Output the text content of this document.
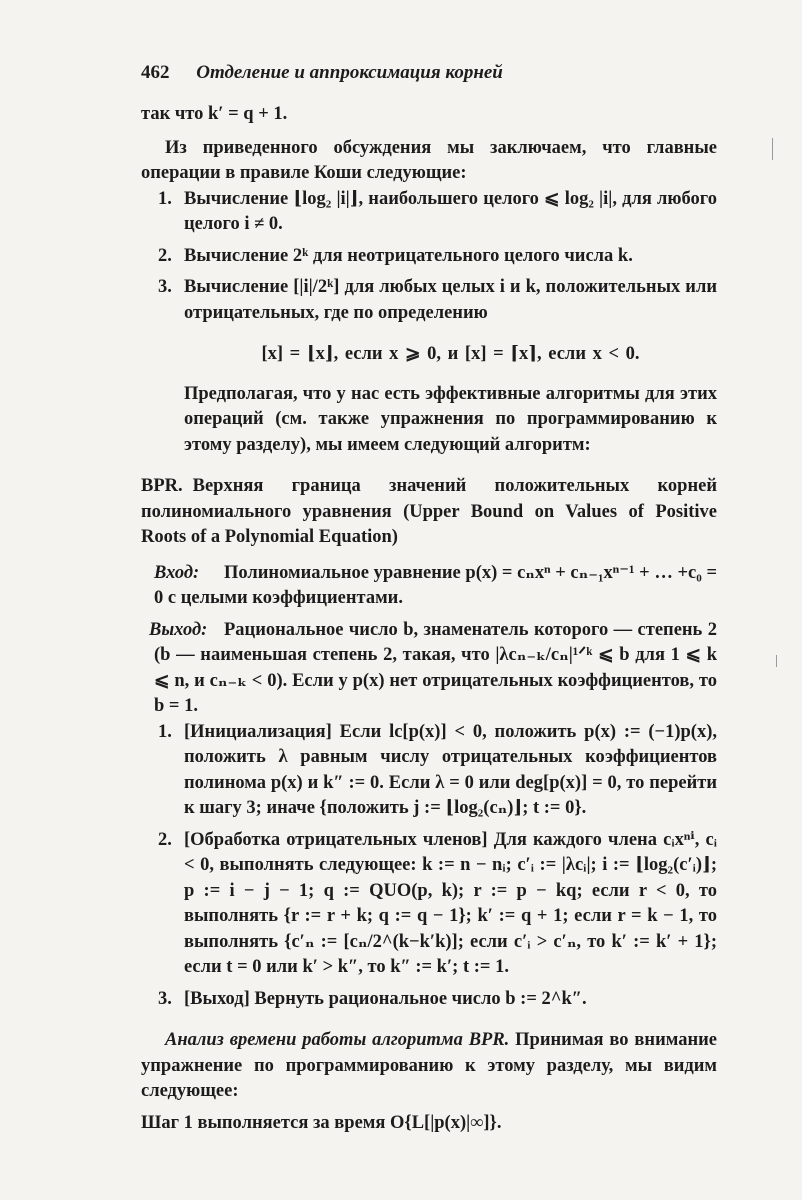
462 Отделение и аппроксимация корней

так что k′ = q + 1.

Из приведенного обсуждения мы заключаем, что главные операции в правиле Коши следующие:

1. Вычисление ⌊log₂ |i|⌋, наибольшего целого ⩽ log₂ |i|, для любого целого i ≠ 0.
2. Вычисление 2ᵏ для неотрицательного целого числа k.
3. Вычисление [|i|/2ᵏ] для любых целых i и k, положительных или отрицательных, где по определению

[x] = ⌊x⌋, если x ⩾ 0, и [x] = ⌈x⌉, если x < 0.

Предполагая, что у нас есть эффективные алгоритмы для этих операций (см. также упражнения по программированию к этому разделу), мы имеем следующий алгоритм:

BPR. Верхняя граница значений положительных корней полиномиального уравнения (Upper Bound on Values of Positive Roots of a Polynomial Equation)

Вход:	Полиномиальное уравнение p(x) = cₙxⁿ + cₙ₋₁xⁿ⁻¹ + … +c₀ = 0 с целыми коэффициентами.

Выход: Рациональное число b, знаменатель которого — степень 2 (b — наименьшая степень 2, такая, что |λcₙ₋ₖ/cₙ|¹ᐟᵏ ⩽ b для 1 ⩽ k ⩽ n, и cₙ₋ₖ < 0). Если у p(x) нет отрицательных коэффициентов, то b = 1.

1. [Инициализация] Если lc[p(x)] < 0, положить p(x) := (−1)p(x), положить λ равным числу отрицательных коэффициентов полинома p(x) и k″ := 0. Если λ = 0 или deg[p(x)] = 0, то перейти к шагу 3; иначе {положить j := ⌊log₂(cₙ)⌋; t := 0}.
2. [Обработка отрицательных членов] Для каждого члена cᵢxⁿⁱ, cᵢ < 0, выполнять следующее: k := n − nᵢ; c′ᵢ := |λcᵢ|; i := ⌊log₂(c′ᵢ)⌋; p := i − j − 1; q := QUO(p, k); r := p − kq; если r < 0, то выполнять {r := r + k; q := q − 1}; k′ := q + 1; если r = k − 1, то выполнять {c′ₙ := [cₙ/2^(k−k′k)]; если c′ᵢ > c′ₙ, то k′ := k′ + 1}; если t = 0 или k′ > k″, то k″ := k′; t := 1.
3. [Выход] Вернуть рациональное число b := 2^k″.

Анализ времени работы алгоритма BPR. Принимая во внимание упражнение по программированию к этому разделу, мы видим следующее:

Шаг 1 выполняется за время O{L[|p(x)|∞]}.
